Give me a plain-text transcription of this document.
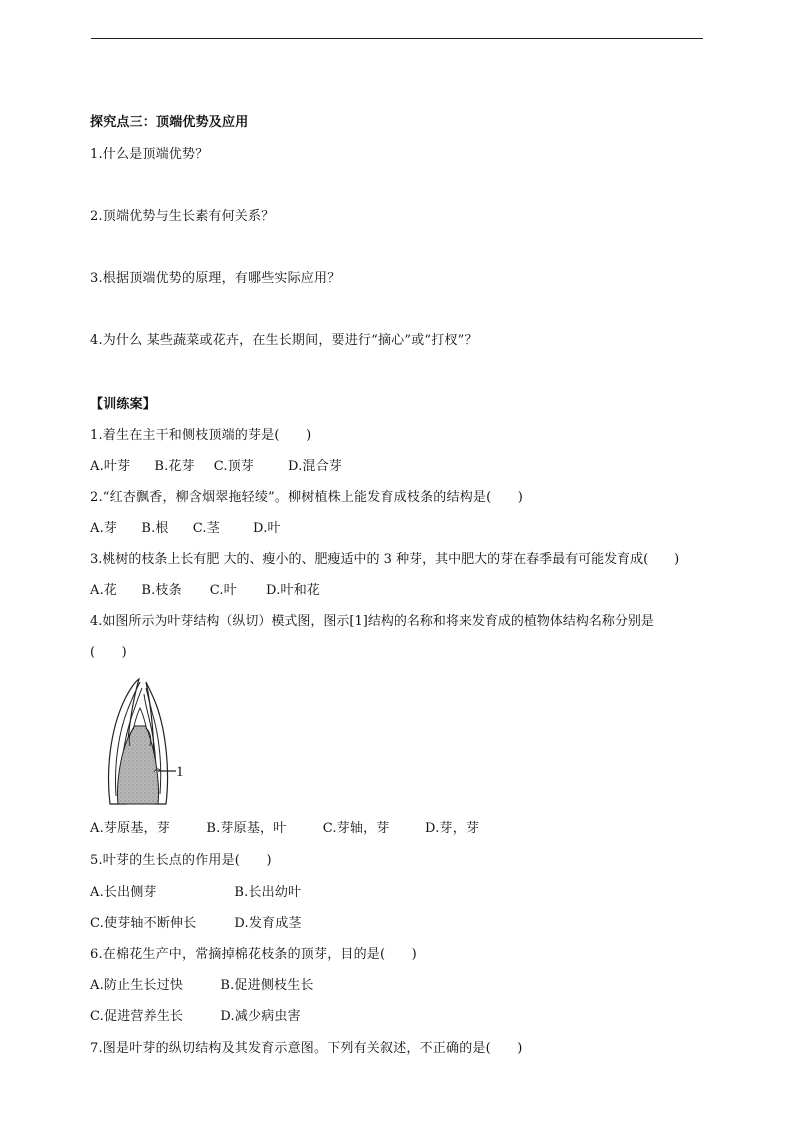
探究点三：顶端优势及应用
1.什么是顶端优势？
2.顶端优势与生长素有何关系？
3.根据顶端优势的原理，有哪些实际应用？
4.为什么 某些蔬菜或花卉，在生长期间，要进行“摘心”或“打杈”？
【训练案】
1.着生在主干和侧枝顶端的芽是(　　)
A.叶芽 B.花芽 C.顶芽	D.混合芽
2.“红杏飘香，柳含烟翠拖轻绫”。柳树植株上能发育成枝条的结构是(　　)
A.芽 B.根 C.茎	D.叶
3.桃树的枝条上长有肥 大的、瘦小的、肥瘦适中的 3 种芽，其中肥大的芽在春季最有可能发育成(　　)
A.花 B.枝条 C.叶 D.叶和花
4.如图所示为叶芽结构（纵切）模式图，图示[1]结构的名称和将来发育成的植物体结构名称分别是
(　　)
1
A.芽原基，芽	B.芽原基，叶	C.芽轴，芽	D.芽，芽
5.叶芽的生长点的作用是(　　)
A.长出侧芽	B.长出幼叶
C.使芽轴不断伸长	D.发育成茎
6.在棉花生产中，常摘掉棉花枝条的顶芽，目的是(　　)
A.防止生长过快	B.促进侧枝生长
C.促进营养生长	D.减少病虫害
7.图是叶芽的纵切结构及其发育示意图。下列有关叙述，不正确的是(　　)
